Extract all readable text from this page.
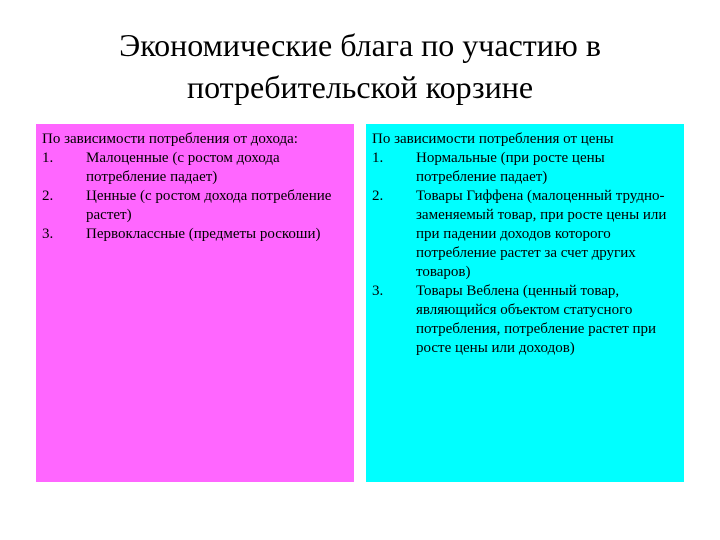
Экономические блага по участию в
потребительской корзине
По зависимости потребления от дохода:
1.	Малоценные (с ростом дохода потребление падает)
2.	Ценные (с ростом дохода потребление растет)
3. Первоклассные (предметы роскоши)
По зависимости потребления от цены
1.	Нормальные (при росте цены потребление падает)
2.	Товары Гиффена (малоценный труднозаменяемый товар, при росте цены или при падении доходов которого потребление растет за счет других товаров)
3.	Товары Веблена (ценный товар, являющийся объектом статусного потребления, потребление растет при росте цены или доходов)
